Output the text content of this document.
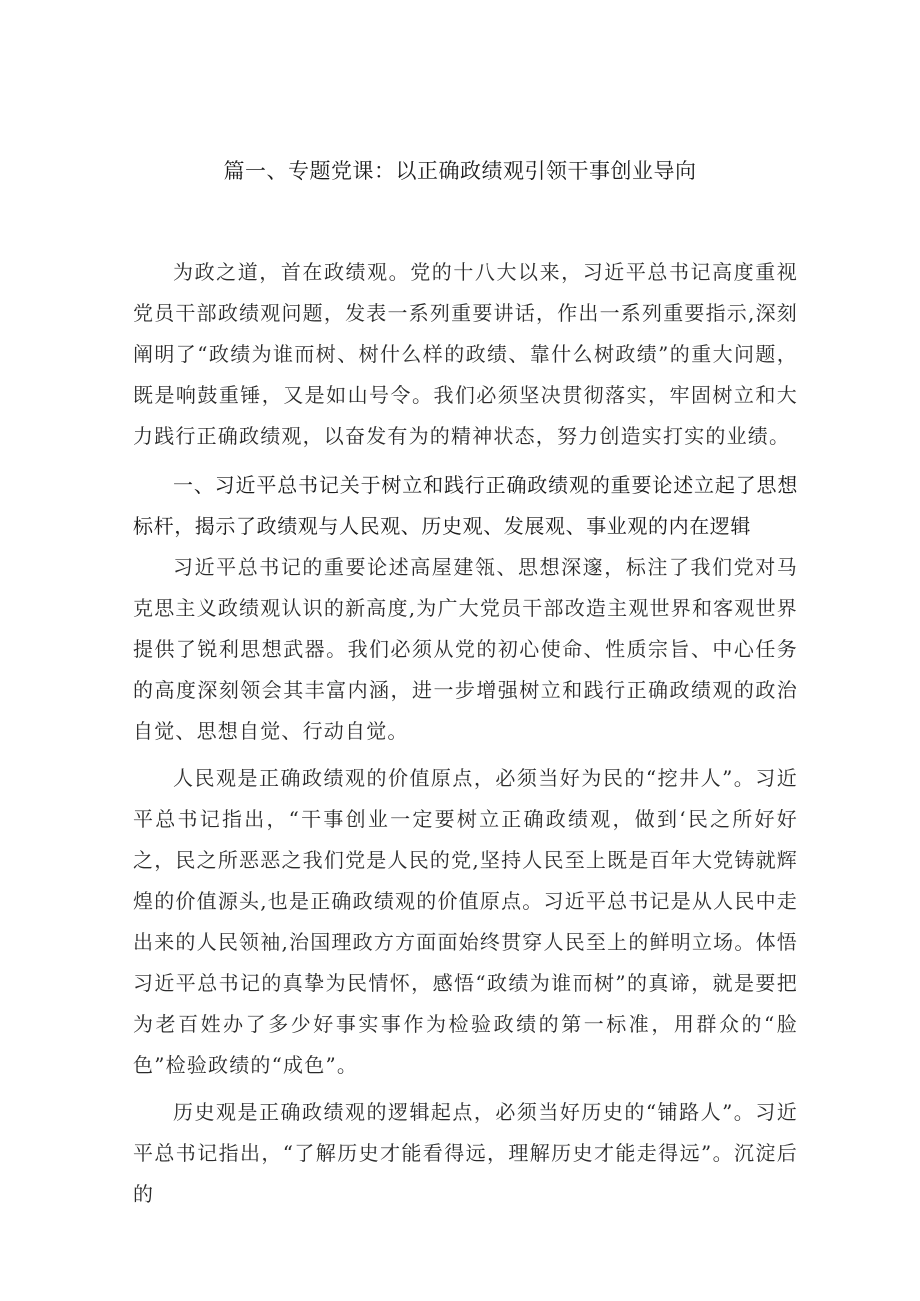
篇一、专题党课：以正确政绩观引领干事创业导向

为政之道，首在政绩观。党的十八大以来，习近平总书记高度重视党员干部政绩观问题，发表一系列重要讲话，作出一系列重要指示,深刻阐明了“政绩为谁而树、树什么样的政绩、靠什么树政绩”的重大问题，既是响鼓重锤，又是如山号令。我们必须坚决贯彻落实，牢固树立和大力践行正确政绩观，以奋发有为的精神状态，努力创造实打实的业绩。

一、习近平总书记关于树立和践行正确政绩观的重要论述立起了思想标杆，揭示了政绩观与人民观、历史观、发展观、事业观的内在逻辑

习近平总书记的重要论述高屋建瓴、思想深邃，标注了我们党对马克思主义政绩观认识的新高度,为广大党员干部改造主观世界和客观世界提供了锐利思想武器。我们必须从党的初心使命、性质宗旨、中心任务的高度深刻领会其丰富内涵，进一步增强树立和践行正确政绩观的政治自觉、思想自觉、行动自觉。

人民观是正确政绩观的价值原点，必须当好为民的“挖井人”。习近平总书记指出，“干事创业一定要树立正确政绩观，做到‘民之所好好之，民之所恶恶之我们党是人民的党,坚持人民至上既是百年大党铸就辉煌的价值源头,也是正确政绩观的价值原点。习近平总书记是从人民中走出来的人民领袖,治国理政方方面面始终贯穿人民至上的鲜明立场。体悟习近平总书记的真挚为民情怀，感悟“政绩为谁而树”的真谛，就是要把为老百姓办了多少好事实事作为检验政绩的第一标准，用群众的“脸色”检验政绩的“成色”。

历史观是正确政绩观的逻辑起点，必须当好历史的“铺路人”。习近平总书记指出，“了解历史才能看得远，理解历史才能走得远”。沉淀后的
